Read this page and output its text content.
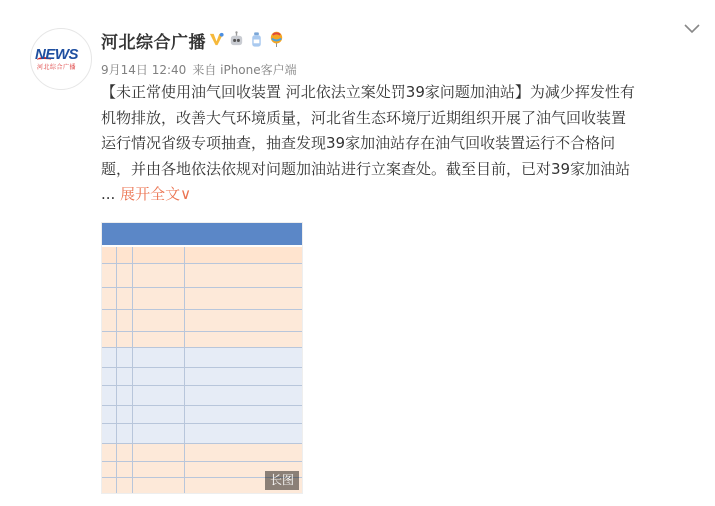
NEWS
河北综合广播
河北综合广播
9月14日 12:40 来自 iPhone客户端

【未正常使用油气回收装置 河北依法立案处罚39家问题加油站】为减少挥发性有

机物排放，改善大气环境质量，河北省生态环境厅近期组织开展了油气回收装置

运行情况省级专项抽查，抽查发现39家加油站存在油气回收装置运行不合格问

题，并由各地依法依规对问题加油站进行立案查处。截至目前，已对39家加油站

... 展开全文∨

长图
